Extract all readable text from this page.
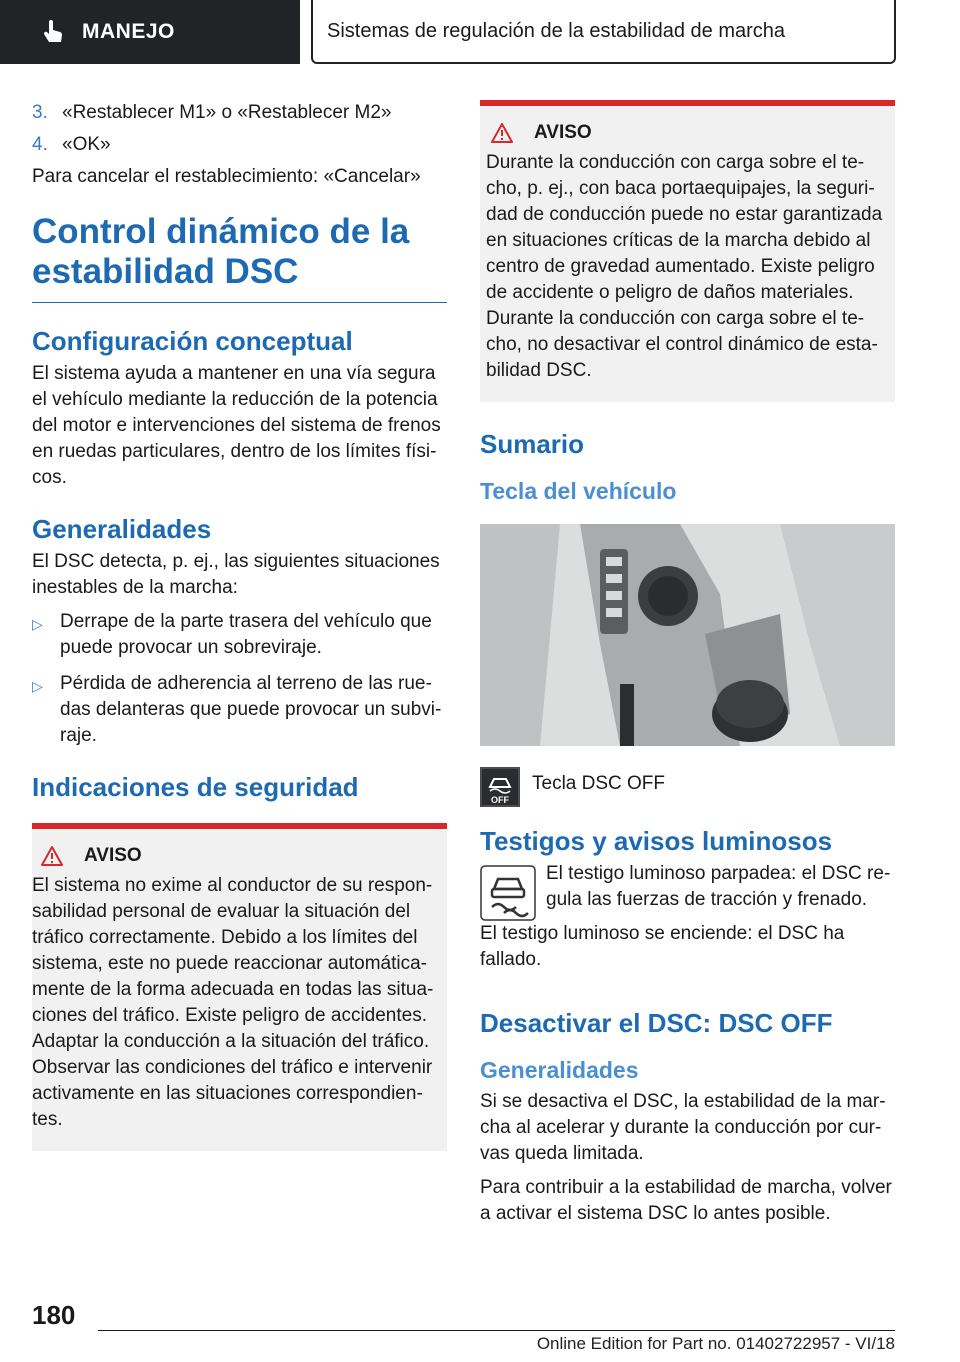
MANEJO	Sistemas de regulación de la estabilidad de marcha
3. «Restablecer M1» o «Restablecer M2»
4. «OK»

Para cancelar el restablecimiento: «Cancelar»

Control dinámico de la estabilidad DSC
Configuración conceptual

El sistema ayuda a mantener en una vía segura el vehículo mediante la reducción de la potencia del motor e intervenciones del sistema de frenos en ruedas particulares, dentro de los límites físi-cos.

Generalidades

El DSC detecta, p. ej., las siguientes situaciones inestables de la marcha:

▷ Derrape de la parte trasera del vehículo que puede provocar un sobreviraje.
▷ Pérdida de adherencia al terreno de las rue-das delanteras que puede provocar un subvi-raje.
Indicaciones de seguridad
AVISO

El sistema no exime al conductor de su respon-sabilidad personal de evaluar la situación del tráfico correctamente. Debido a los límites del sistema, este no puede reaccionar automática-mente de la forma adecuada en todas las situa-ciones del tráfico. Existe peligro de accidentes. Adaptar la conducción a la situación del tráfico. Observar las condiciones del tráfico e intervenir activamente en las situaciones correspondien-tes.

AVISO

Durante la conducción con carga sobre el te-cho, p. ej., con baca portaequipajes, la seguri-dad de conducción puede no estar garantizada en situaciones críticas de la marcha debido al centro de gravedad aumentado. Existe peligro de accidente o peligro de daños materiales. Durante la conducción con carga sobre el te-cho, no desactivar el control dinámico de esta-bilidad DSC.

Sumario
Tecla del vehículo
OFF
Tecla DSC OFF
Testigos y avisos luminosos

El testigo luminoso parpadea: el DSC re-gula las fuerzas de tracción y frenado.

El testigo luminoso se enciende: el DSC ha fallado.

Desactivar el DSC: DSC OFF
Generalidades

Si se desactiva el DSC, la estabilidad de la mar-cha al acelerar y durante la conducción por cur-vas queda limitada.

Para contribuir a la estabilidad de marcha, volver a activar el sistema DSC lo antes posible.

180
Online Edition for Part no. 01402722957 - VI/18
